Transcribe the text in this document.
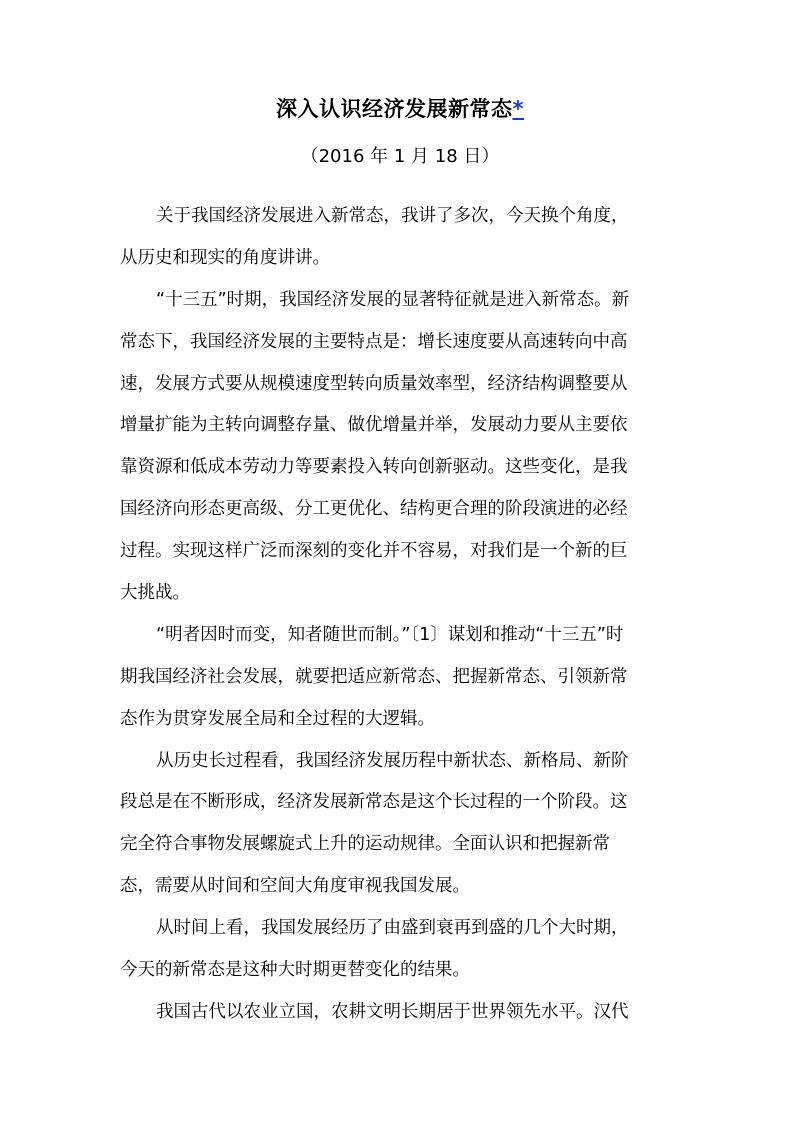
深入认识经济发展新常态*
（2016 年 1 月 18 日）

关于我国经济发展进入新常态，我讲了多次，今天换个角度，
从历史和现实的角度讲讲。

“十三五”时期，我国经济发展的显著特征就是进入新常态。新
常态下，我国经济发展的主要特点是：增长速度要从高速转向中高
速，发展方式要从规模速度型转向质量效率型，经济结构调整要从
增量扩能为主转向调整存量、做优增量并举，发展动力要从主要依
靠资源和低成本劳动力等要素投入转向创新驱动。这些变化，是我
国经济向形态更高级、分工更优化、结构更合理的阶段演进的必经
过程。实现这样广泛而深刻的变化并不容易，对我们是一个新的巨
大挑战。

“明者因时而变，知者随世而制。”〔1〕谋划和推动“十三五”时
期我国经济社会发展，就要把适应新常态、把握新常态、引领新常
态作为贯穿发展全局和全过程的大逻辑。

从历史长过程看，我国经济发展历程中新状态、新格局、新阶
段总是在不断形成，经济发展新常态是这个长过程的一个阶段。这
完全符合事物发展螺旋式上升的运动规律。全面认识和把握新常
态，需要从时间和空间大角度审视我国发展。

从时间上看，我国发展经历了由盛到衰再到盛的几个大时期，
今天的新常态是这种大时期更替变化的结果。

我国古代以农业立国，农耕文明长期居于世界领先水平。汉代
